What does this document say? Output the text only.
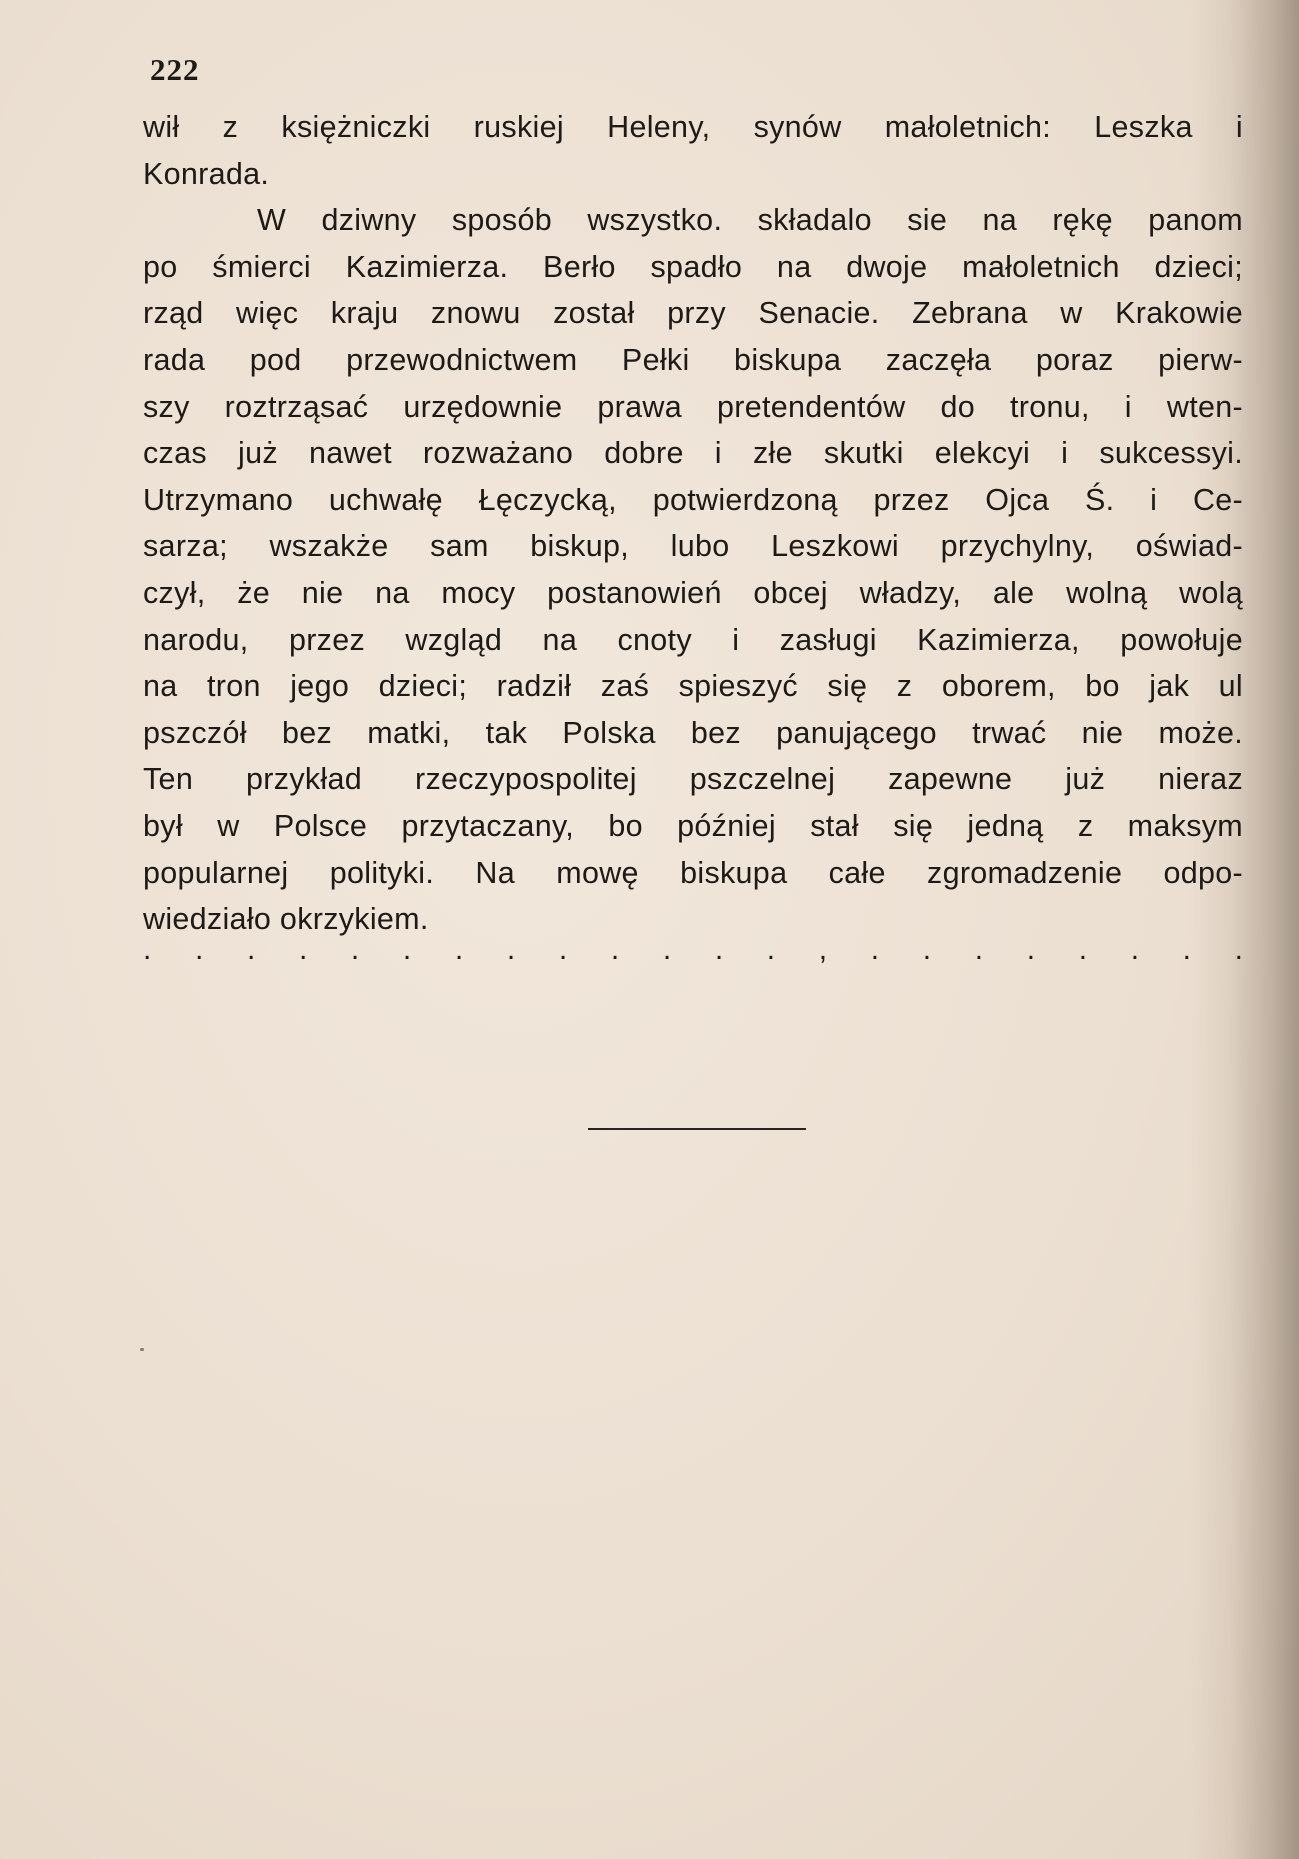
222
wił z księżniczki ruskiej Heleny, synów małoletnich: Leszka i
Konrada.
W dziwny sposób wszystko. składalo sie na rękę panom
po śmierci Kazimierza. Berło spadło na dwoje małoletnich dzieci;
rząd więc kraju znowu został przy Senacie. Zebrana w Krakowie
rada pod przewodnictwem Pełki biskupa zaczęła poraz pierw-
szy roztrząsać urzędownie prawa pretendentów do tronu, i wten-
czas już nawet rozważano dobre i złe skutki elekcyi i sukcessyi.
Utrzymano uchwałę Łęczycką, potwierdzoną przez Ojca Ś. i Ce-
sarza; wszakże sam biskup, lubo Leszkowi przychylny, oświad-
czył, że nie na mocy postanowień obcej władzy, ale wolną wolą
narodu, przez wzgląd na cnoty i zasługi Kazimierza, powołuje
na tron jego dzieci; radził zaś spieszyć się z oborem, bo jak ul
pszczół bez matki, tak Polska bez panującego trwać nie może.
Ten przykład rzeczypospolitej pszczelnej zapewne już nieraz
był w Polsce przytaczany, bo później stał się jedną z maksym
popularnej polityki. Na mowę biskupa całe zgromadzenie odpo-
wiedziało okrzykiem.
. . . . . . . . . . . . . , . . . . . . . .
